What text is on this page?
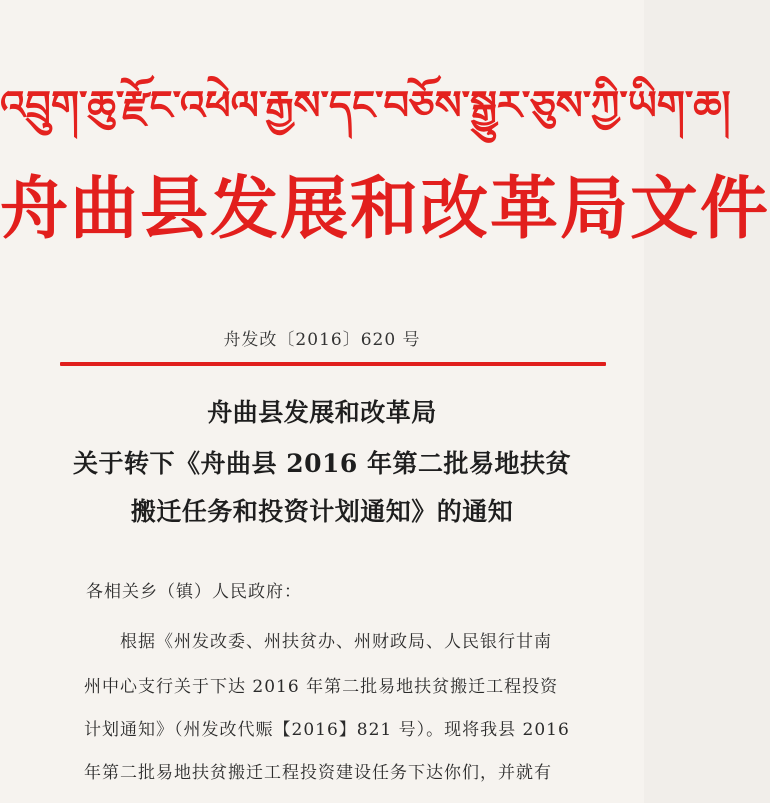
འབྲུག་ཆུ་རྫོང་འཕེལ་རྒྱས་དང་བཅོས་སྒྱུར་ཅུས་ཀྱི་ཡིག་ཆ།
舟曲县发展和改革局文件
舟发改〔2016〕620 号
舟曲县发展和改革局
关于转下《舟曲县 2016 年第二批易地扶贫
搬迁任务和投资计划通知》的通知
各相关乡（镇）人民政府：
根据《州发改委、州扶贫办、州财政局、人民银行甘南
州中心支行关于下达 2016 年第二批易地扶贫搬迁工程投资
计划通知》（州发改代赈【2016】821 号）。现将我县 2016
年第二批易地扶贫搬迁工程投资建设任务下达你们，并就有
